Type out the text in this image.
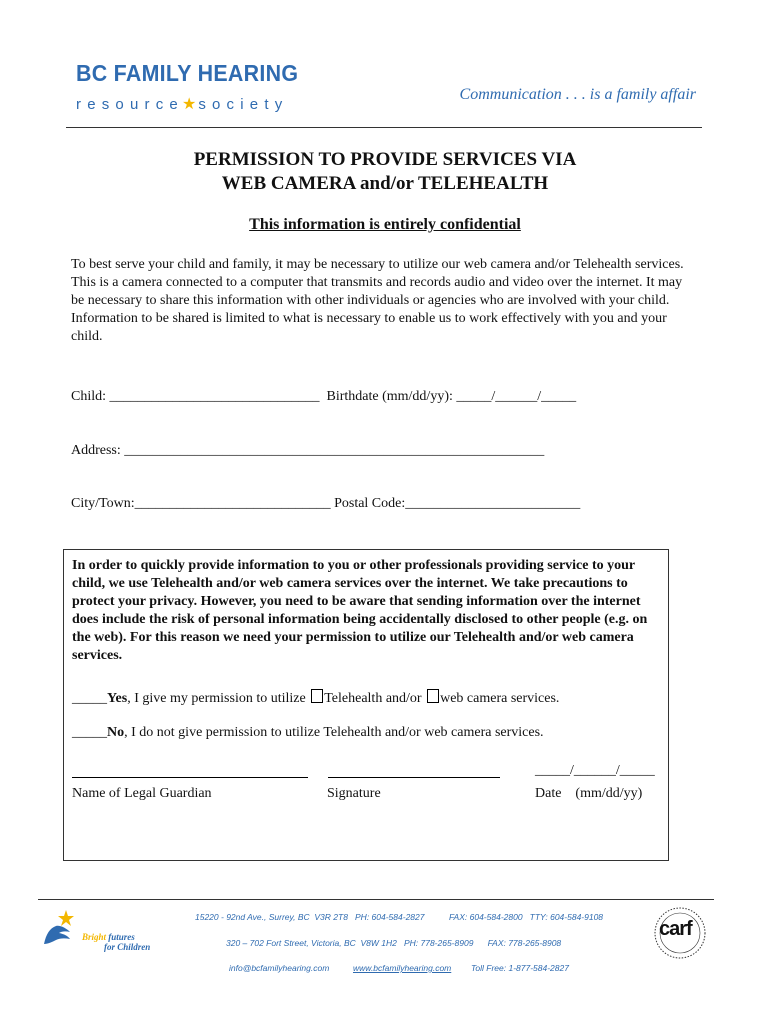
BC FAMILY HEARING
resource★ society
Communication . . . is a family affair
PERMISSION TO PROVIDE SERVICES VIA
WEB CAMERA and/or TELEHEALTH
This information is entirely confidential
To best serve your child and family, it may be necessary to utilize our web camera and/or Telehealth services. This is a camera connected to a computer that transmits and records audio and video over the internet. It may be necessary to share this information with other individuals or agencies who are involved with your child. Information to be shared is limited to what is necessary to enable us to work effectively with you and your child.
Child: ______________________________  Birthdate (mm/dd/yy): _____/______/_____
Address: ____________________________________________________________
City/Town:____________________________ Postal Code:_________________________
In order to quickly provide information to you or other professionals providing service to your child, we use Telehealth and/or web camera services over the internet. We take precautions to protect your privacy. However, you need to be aware that sending information over the internet does include the risk of personal information being accidentally disclosed to other people (e.g. on the web). For this reason we need your permission to utilize our Telehealth and/or web camera services.
_____Yes, I give my permission to utilize Telehealth and/or web camera services.
_____No, I do not give permission to utilize Telehealth and/or web camera services.
_____/______/_____
Name of Legal Guardian	Signature	Date    (mm/dd/yy)
Bright futures
for Children
15220 - 92nd Ave., Surrey, BC  V3R 2T8   PH: 604-584-2827	FAX: 604-584-2800   TTY: 604-584-9108
320 – 702 Fort Street, Victoria, BC  V8W 1H2   PH: 778-265-8909      FAX: 778-265-8908
info@bcfamilyhearing.com	www.bcfamilyhearing.com Toll Free: 1-877-584-2827
carf
